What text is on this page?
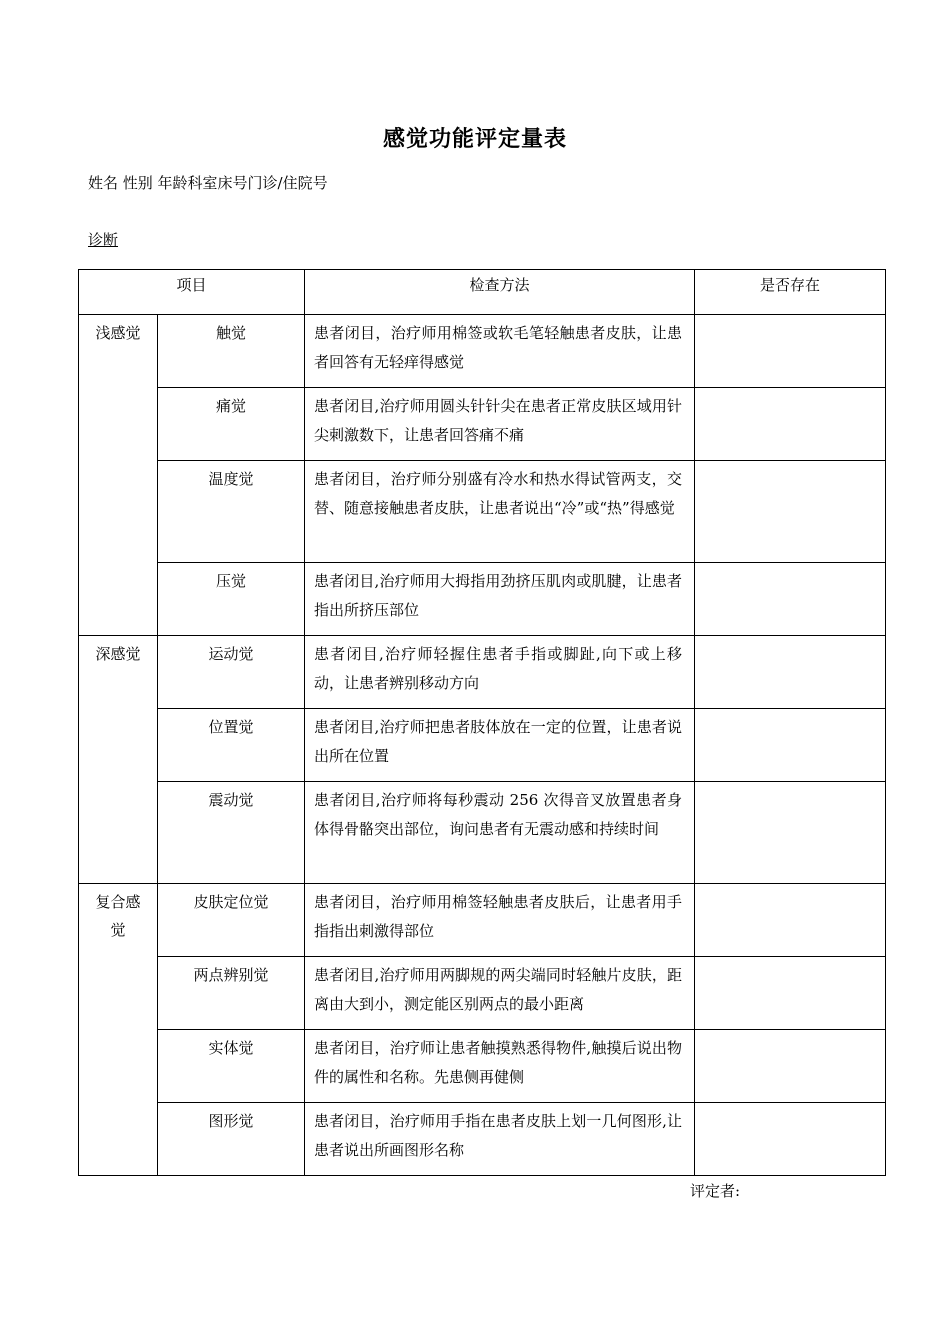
感觉功能评定量表
姓名 性别 年龄科室床号门诊/住院号
诊断
项目		检查方法	是否存在

浅感觉	触觉	患者闭目，治疗师用棉签或软毛笔轻触患者皮肤，让患者回答有无轻痒得感觉	

	痛觉	患者闭目,治疗师用圆头针针尖在患者正常皮肤区域用针尖刺激数下，让患者回答痛不痛	

	温度觉	患者闭目，治疗师分别盛有冷水和热水得试管两支，交替、随意接触患者皮肤，让患者说出“冷”或“热”得感觉	

	压觉	患者闭目,治疗师用大拇指用劲挤压肌肉或肌腱，让患者指出所挤压部位	

深感觉	运动觉	患者闭目,治疗师轻握住患者手指或脚趾,向下或上移动，让患者辨别移动方向	

	位置觉	患者闭目,治疗师把患者肢体放在一定的位置，让患者说出所在位置	

	震动觉	患者闭目,治疗师将每秒震动 256 次得音叉放置患者身体得骨骼突出部位，询问患者有无震动感和持续时间	

复合感觉	皮肤定位觉	患者闭目，治疗师用棉签轻触患者皮肤后，让患者用手指指出刺激得部位	

	两点辨别觉	患者闭目,治疗师用两脚规的两尖端同时轻触片皮肤，距离由大到小，测定能区别两点的最小距离	

	实体觉	患者闭目，治疗师让患者触摸熟悉得物件,触摸后说出物件的属性和名称。先患侧再健侧	

	图形觉	患者闭目，治疗师用手指在患者皮肤上划一几何图形,让患者说出所画图形名称	

评定者:
